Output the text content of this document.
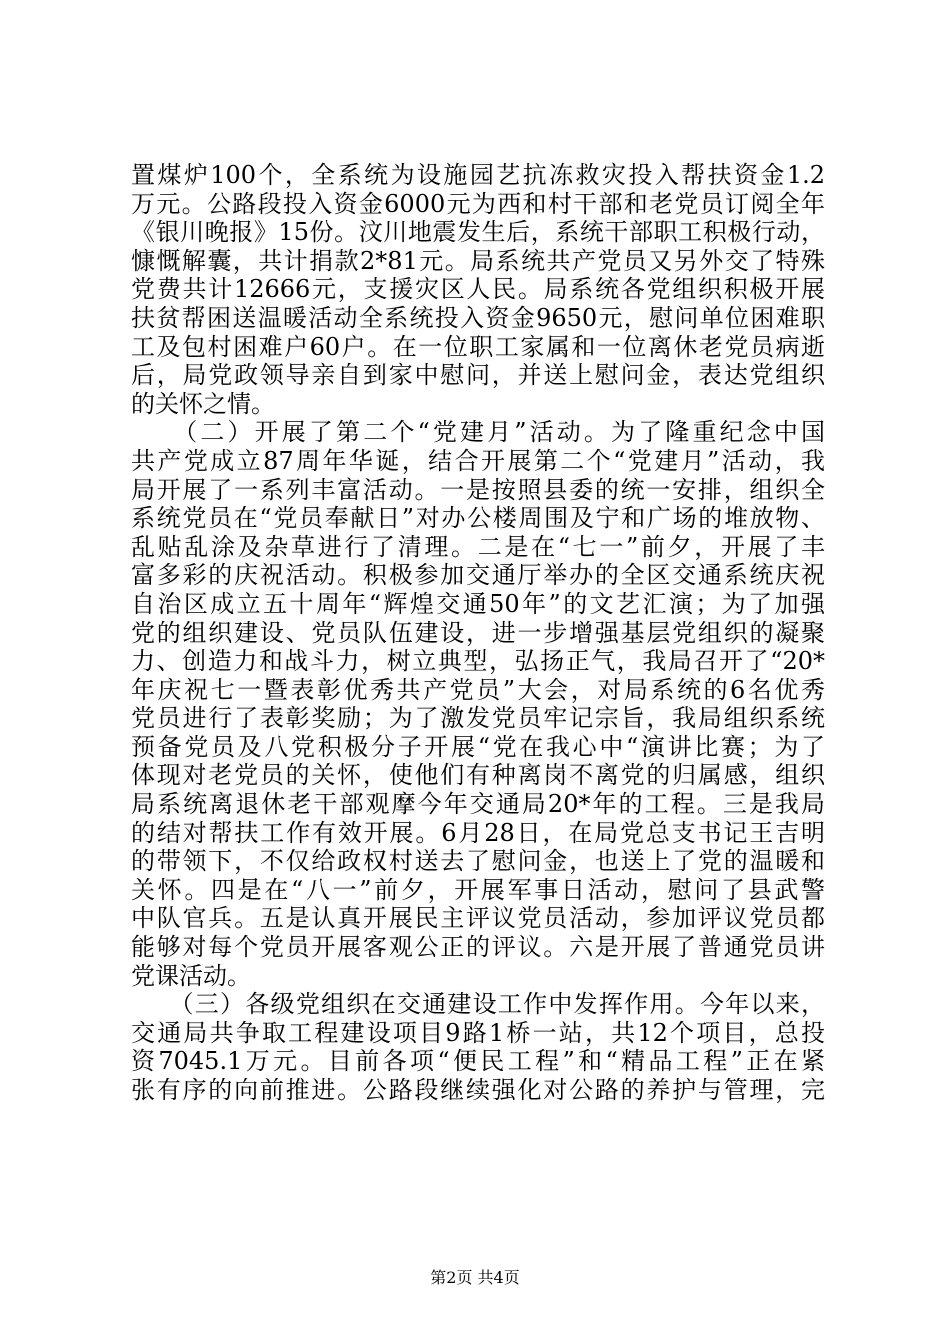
置煤炉100个，全系统为设施园艺抗冻救灾投入帮扶资金1.2
万元。公路段投入资金6000元为西和村干部和老党员订阅全年
《银川晚报》15份。汶川地震发生后，系统干部职工积极行动，
慷慨解囊，共计捐款2*81元。局系统共产党员又另外交了特殊
党费共计12666元，支援灾区人民。局系统各党组织积极开展
扶贫帮困送温暖活动全系统投入资金9650元，慰问单位困难职
工及包村困难户60户。在一位职工家属和一位离休老党员病逝
后，局党政领导亲自到家中慰问，并送上慰问金，表达党组织
的关怀之情。
　　（二）开展了第二个“党建月”活动。为了隆重纪念中国
共产党成立87周年华诞，结合开展第二个“党建月”活动，我
局开展了一系列丰富活动。一是按照县委的统一安排，组织全
系统党员在“党员奉献日”对办公楼周围及宁和广场的堆放物、
乱贴乱涂及杂草进行了清理。二是在“七一”前夕，开展了丰
富多彩的庆祝活动。积极参加交通厅举办的全区交通系统庆祝
自治区成立五十周年“辉煌交通50年”的文艺汇演；为了加强
党的组织建设、党员队伍建设，进一步增强基层党组织的凝聚
力、创造力和战斗力，树立典型，弘扬正气，我局召开了“20*
年庆祝七一暨表彰优秀共产党员”大会，对局系统的6名优秀
党员进行了表彰奖励；为了激发党员牢记宗旨，我局组织系统
预备党员及八党积极分子开展“党在我心中“演讲比赛；为了
体现对老党员的关怀，使他们有种离岗不离党的归属感，组织
局系统离退休老干部观摩今年交通局20*年的工程。三是我局
的结对帮扶工作有效开展。6月28日，在局党总支书记王吉明
的带领下，不仅给政权村送去了慰问金，也送上了党的温暖和
关怀。四是在“八一”前夕，开展军事日活动，慰问了县武警
中队官兵。五是认真开展民主评议党员活动，参加评议党员都
能够对每个党员开展客观公正的评议。六是开展了普通党员讲
党课活动。
　　（三）各级党组织在交通建设工作中发挥作用。今年以来，
交通局共争取工程建设项目9路1桥一站，共12个项目，总投
资7045.1万元。目前各项“便民工程”和“精品工程”正在紧
张有序的向前推进。公路段继续强化对公路的养护与管理，完
第2页 共4页
